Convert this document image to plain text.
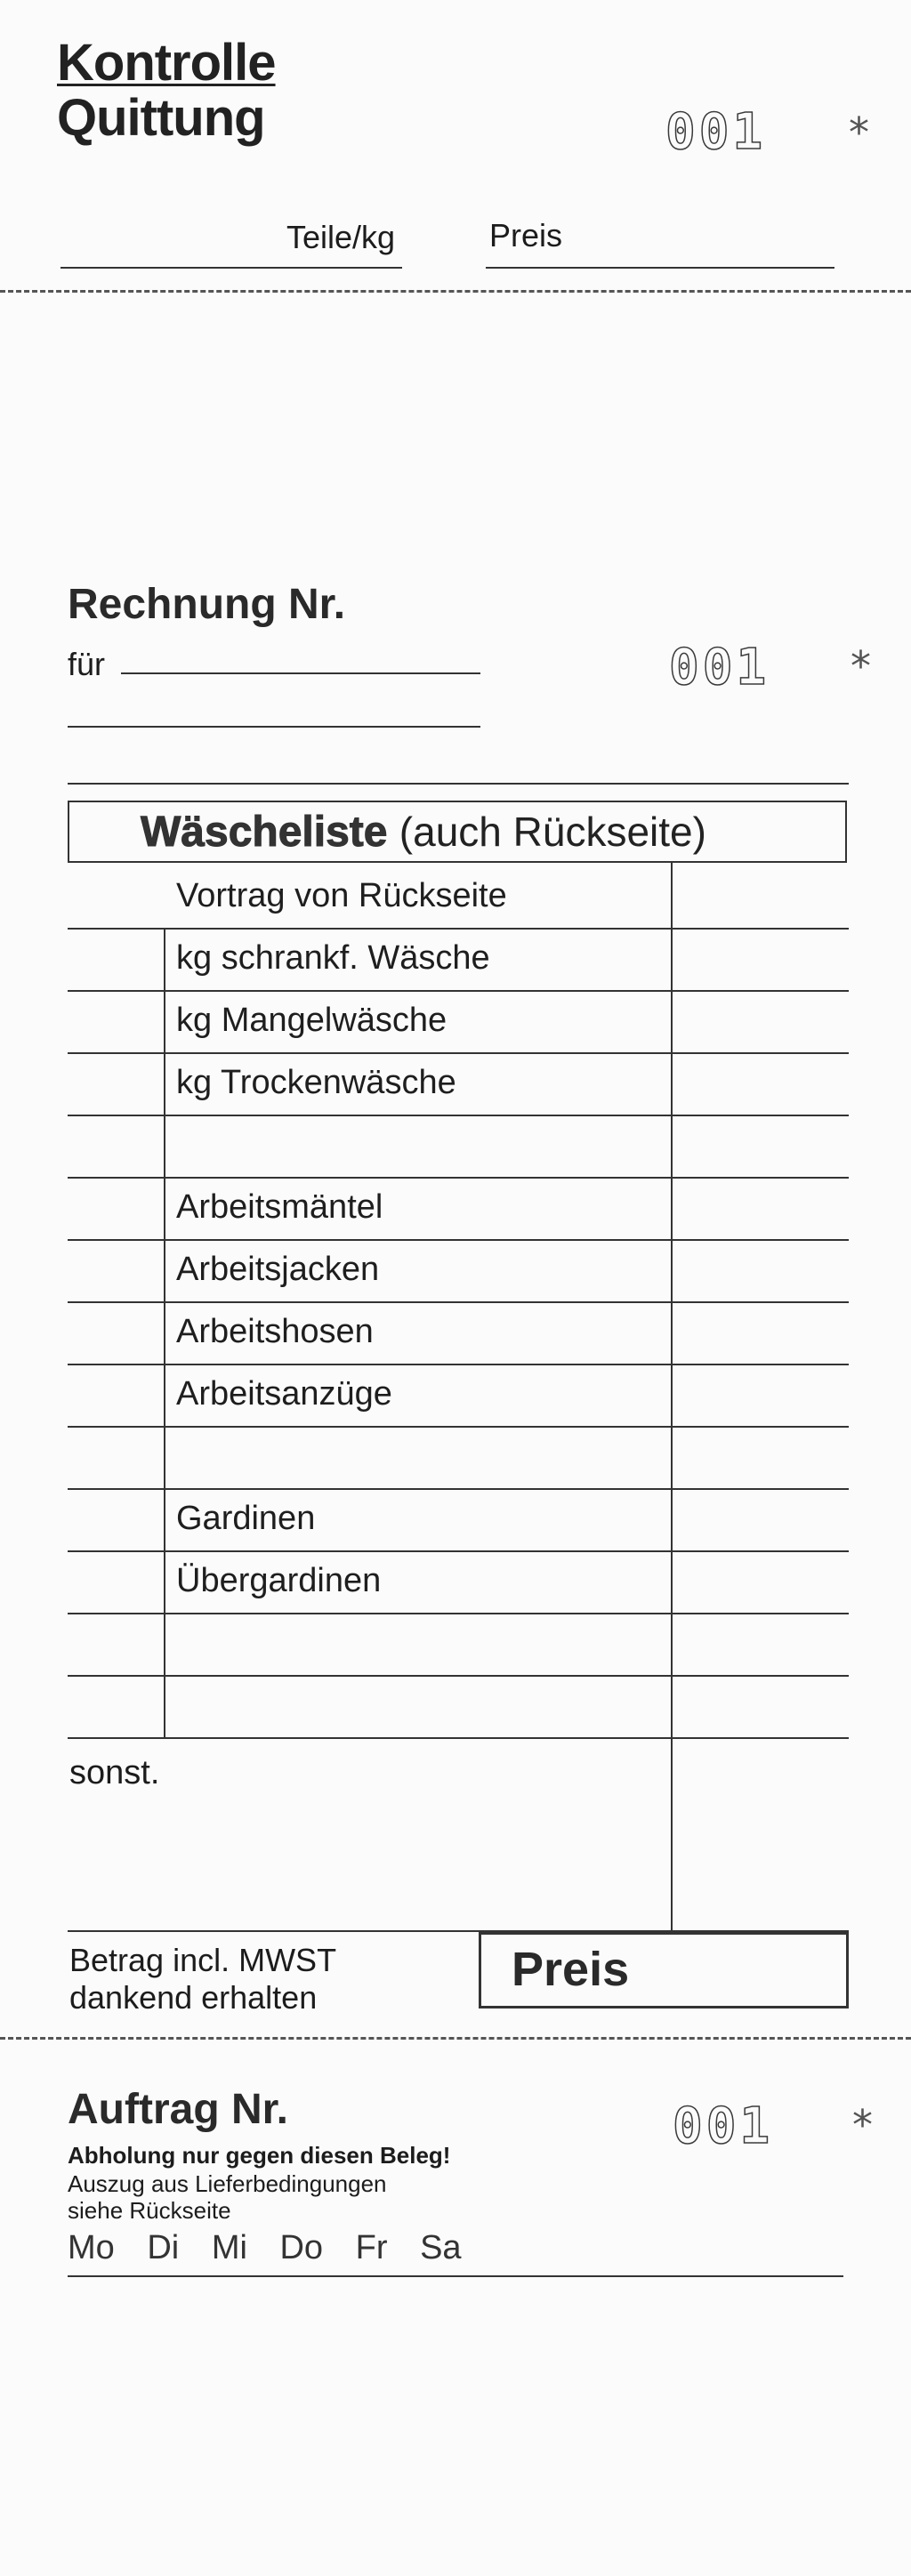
Kontrolle
Quittung	001 *
Teile/kg	Preis
Rechnung Nr.
für	001 *
Wäscheliste (auch Rückseite)
Vortrag von Rückseite
kg schrankf. Wäsche
kg Mangelwäsche
kg Trockenwäsche
Arbeitsmäntel
Arbeitsjacken
Arbeitshosen
Arbeitsanzüge
Gardinen
Übergardinen
sonst.
Betrag incl. MWST
dankend erhalten
Preis
Auftrag Nr.
Abholung nur gegen diesen Beleg!
Auszug aus Lieferbedingungen
siehe Rückseite
Mo Di Mi Do Fr Sa
001 *
